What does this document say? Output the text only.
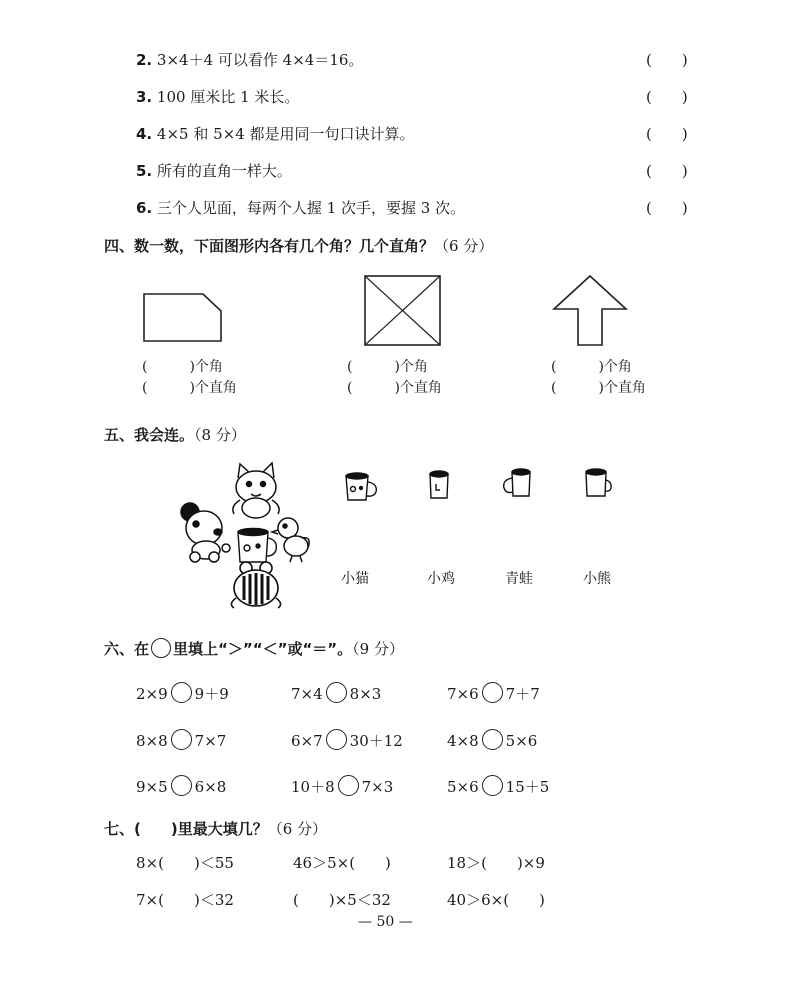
2. 3×4＋4 可以看作 4×4＝16。	(　　)
3. 100 厘米比 1 米长。	(　　)
4. 4×5 和 5×4 都是用同一句口诀计算。	(　　)
5. 所有的直角一样大。	(　　)
6. 三个人见面，每两个人握 1 次手，要握 3 次。	(　　)
四、数一数，下面图形内各有几个角？几个直角？（6 分）
(　　　)个角
(　　　)个直角
(　　　)个角
(　　　)个直角
(　　　)个角
(　　　)个直角
五、我会连。（8 分）
小猫	小鸡	青蛙	小熊
六、在 里填上“＞”“＜”或“＝”。（9 分）
2×9 9＋9	7×4 8×3	7×6 7＋7
8×8 7×7	6×7 30＋12	4×8 5×6
9×5 6×8	10＋8 7×3	5×6 15＋5
七、(　　)里最大填几？（6 分）
8×(　　)＜55	46＞5×(　　)	18＞(　　)×9
7×(　　)＜32	(　　)×5＜32	40＞6×(　　)
— 50 —
